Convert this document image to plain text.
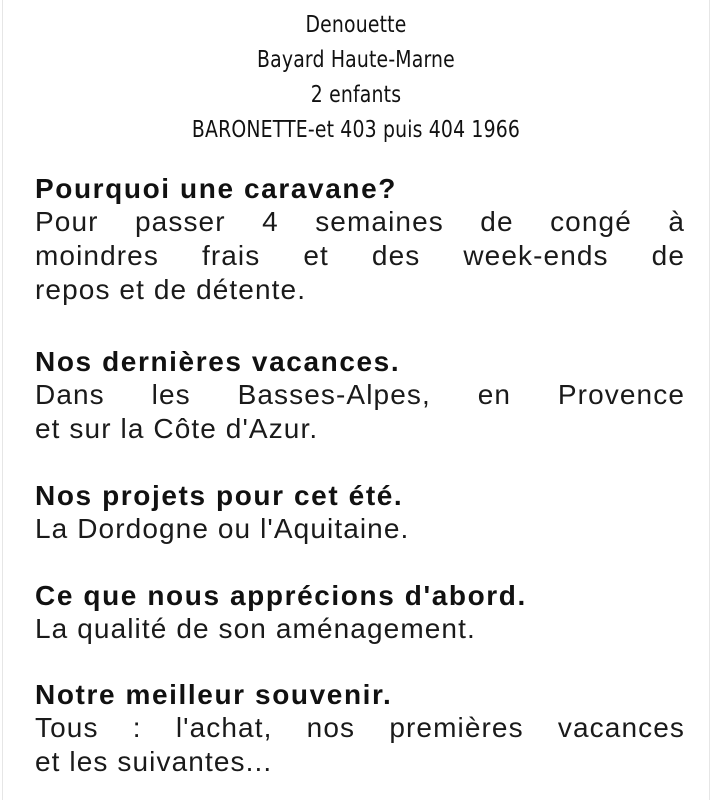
Denouette
Bayard Haute-Marne
2 enfants
BARONETTE-et 403 puis 404 1966

Pourquoi une caravane?

Pour passer 4 semaines de congé à
moindres frais et des week-ends de
repos et de détente.

Nos dernières vacances.

Dans les Basses-Alpes, en Provence
et sur la Côte d'Azur.

Nos projets pour cet été.

La Dordogne ou l'Aquitaine.

Ce que nous apprécions d'abord.

La qualité de son aménagement.

Notre meilleur souvenir.

Tous : l'achat, nos premières vacances
et les suivantes...
